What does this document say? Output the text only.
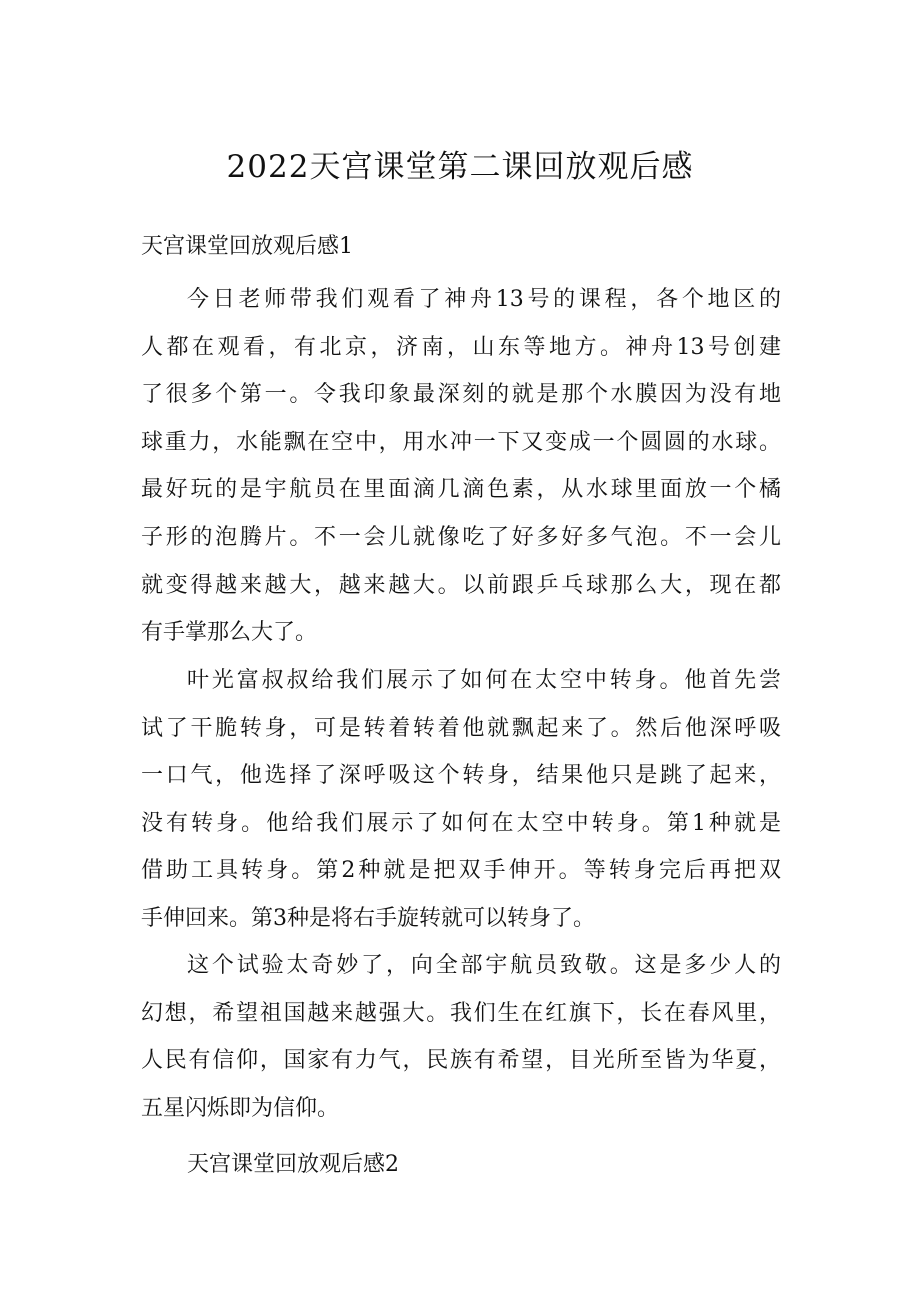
2022天宫课堂第二课回放观后感

天宫课堂回放观后感1

今日老师带我们观看了神舟13号的课程，各个地区的
人都在观看，有北京，济南，山东等地方。神舟13号创建
了很多个第一。令我印象最深刻的就是那个水膜因为没有地
球重力，水能飘在空中，用水冲一下又变成一个圆圆的水球。
最好玩的是宇航员在里面滴几滴色素，从水球里面放一个橘
子形的泡腾片。不一会儿就像吃了好多好多气泡。不一会儿
就变得越来越大，越来越大。以前跟乒乓球那么大，现在都
有手掌那么大了。
叶光富叔叔给我们展示了如何在太空中转身。他首先尝
试了干脆转身，可是转着转着他就飘起来了。然后他深呼吸
一口气，他选择了深呼吸这个转身，结果他只是跳了起来，
没有转身。他给我们展示了如何在太空中转身。第1种就是
借助工具转身。第2种就是把双手伸开。等转身完后再把双
手伸回来。第3种是将右手旋转就可以转身了。
这个试验太奇妙了，向全部宇航员致敬。这是多少人的
幻想，希望祖国越来越强大。我们生在红旗下，长在春风里，
人民有信仰，国家有力气，民族有希望，目光所至皆为华夏，
五星闪烁即为信仰。

天宫课堂回放观后感2
